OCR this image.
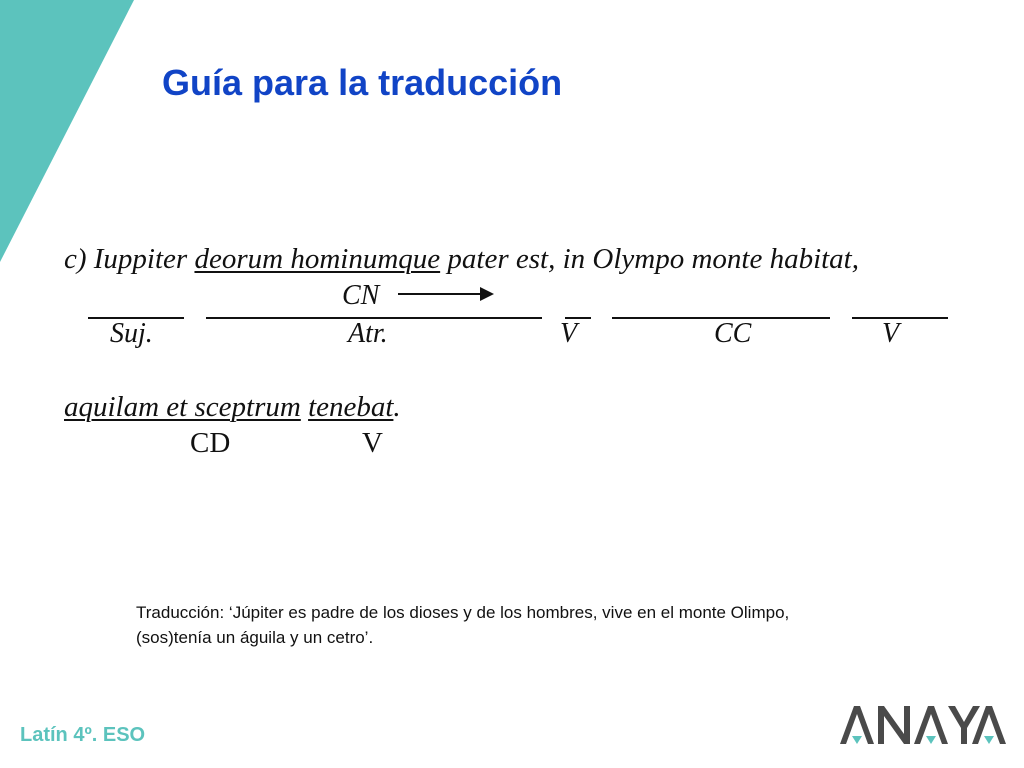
Guía para la traducción
c) Iuppiter deorum hominumque pater est, in Olympo monte habitat,
CN
Suj.	Atr.	V	CC	V
aquilam et sceptrum tenebat.
CD	V
Traducción: ‘Júpiter es padre de los dioses y de los hombres, vive en el monte Olimpo,
(sos)tenía un águila y un cetro’.
Latín 4º. ESO
